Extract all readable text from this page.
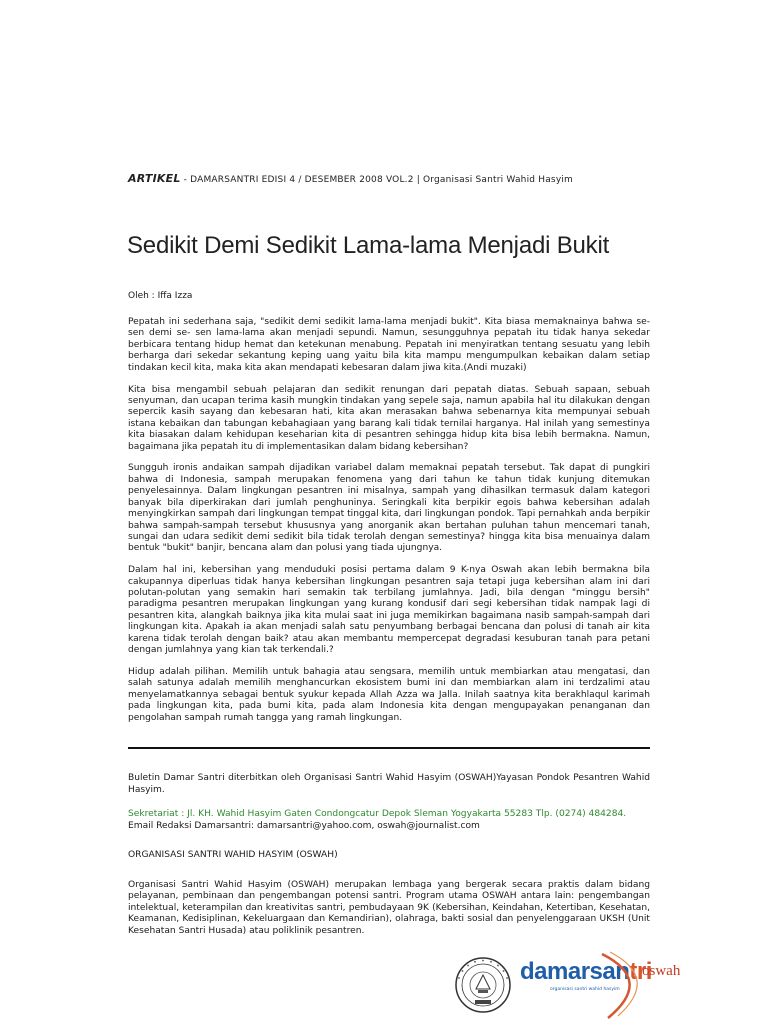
ARTIKEL - DAMARSANTRI EDISI 4 / DESEMBER 2008 VOL.2 | Organisasi Santri Wahid Hasyim
Sedikit Demi Sedikit Lama-lama Menjadi Bukit
Oleh : Iffa Izza

Pepatah ini sederhana saja, "sedikit demi sedikit lama-lama menjadi bukit". Kita biasa memaknainya bahwa se-sen demi se- sen lama-lama akan menjadi sepundi. Namun, sesungguhnya pepatah itu tidak hanya sekedar berbicara tentang hidup hemat dan ketekunan menabung. Pepatah ini menyiratkan tentang sesuatu yang lebih berharga dari sekedar sekantung keping uang yaitu bila kita mampu mengumpulkan kebaikan dalam setiap tindakan kecil kita, maka kita akan mendapati kebesaran dalam jiwa kita.(Andi muzaki)

Kita bisa mengambil sebuah pelajaran dan sedikit renungan dari pepatah diatas. Sebuah sapaan, sebuah senyuman, dan ucapan terima kasih mungkin tindakan yang sepele saja, namun apabila hal itu dilakukan dengan sepercik kasih sayang dan kebesaran hati, kita akan merasakan bahwa sebenarnya kita mempunyai sebuah istana kebaikan dan tabungan kebahagiaan yang barang kali tidak ternilai harganya. Hal inilah yang semestinya kita biasakan dalam kehidupan keseharian kita di pesantren sehingga hidup kita bisa lebih bermakna. Namun, bagaimana jika pepatah itu di implementasikan dalam bidang kebersihan?

Sungguh ironis andaikan sampah dijadikan variabel dalam memaknai pepatah tersebut. Tak dapat di pungkiri bahwa di Indonesia, sampah merupakan fenomena yang dari tahun ke tahun tidak kunjung ditemukan penyelesainnya. Dalam lingkungan pesantren ini misalnya, sampah yang dihasilkan termasuk dalam kategori banyak bila diperkirakan dari jumlah penghuninya. Seringkali kita berpikir egois bahwa kebersihan adalah menyingkirkan sampah dari lingkungan tempat tinggal kita, dari lingkungan pondok. Tapi pernahkah anda berpikir bahwa sampah-sampah tersebut khususnya yang anorganik akan bertahan puluhan tahun mencemari tanah, sungai dan udara sedikit demi sedikit bila tidak terolah dengan semestinya? hingga kita bisa menuainya dalam bentuk "bukit" banjir, bencana alam dan polusi yang tiada ujungnya.

Dalam hal ini, kebersihan yang menduduki posisi pertama dalam 9 K-nya Oswah akan lebih bermakna bila cakupannya diperluas tidak hanya kebersihan lingkungan pesantren saja tetapi juga kebersihan alam ini dari polutan-polutan yang semakin hari semakin tak terbilang jumlahnya. Jadi, bila dengan "minggu bersih" paradigma pesantren merupakan lingkungan yang kurang kondusif dari segi kebersihan tidak nampak lagi di pesantren kita, alangkah baiknya jika kita mulai saat ini juga memikirkan bagaimana nasib sampah-sampah dari lingkungan kita. Apakah ia akan menjadi salah satu penyumbang berbagai bencana dan polusi di tanah air kita karena tidak terolah dengan baik? atau akan membantu mempercepat degradasi kesuburan tanah para petani dengan jumlahnya yang kian tak terkendali.?

Hidup adalah pilihan. Memilih untuk bahagia atau sengsara, memilih untuk membiarkan atau mengatasi, dan salah satunya adalah memilih menghancurkan ekosistem bumi ini dan membiarkan alam ini terdzalimi atau menyelamatkannya sebagai bentuk syukur kepada Allah Azza wa Jalla. Inilah saatnya kita berakhlaqul karimah pada lingkungan kita, pada bumi kita, pada alam Indonesia kita dengan mengupayakan penanganan dan pengolahan sampah rumah tangga yang ramah lingkungan.

Buletin Damar Santri diterbitkan oleh Organisasi Santri Wahid Hasyim (OSWAH)Yayasan Pondok Pesantren Wahid Hasyim.

Sekretariat : Jl. KH. Wahid Hasyim Gaten Condongcatur Depok Sleman Yogyakarta 55283 Tlp. (0274) 484284.

Email Redaksi Damarsantri: damarsantri@yahoo.com, oswah@journalist.com

ORGANISASI SANTRI WAHID HASYIM (OSWAH)

Organisasi Santri Wahid Hasyim (OSWAH) merupakan lembaga yang bergerak secara praktis dalam bidang pelayanan, pembinaan dan pengembangan potensi santri. Program utama OSWAH antara lain: pengembangan intelektual, keterampilan dan kreativitas santri, pembudayaan 9K (Kebersihan, Keindahan, Ketertiban, Kesehatan, Keamanan, Kedisiplinan, Kekeluargaan dan Kemandirian), olahraga, bakti sosial dan penyelenggaraan UKSH (Unit Kesehatan Santri Husada) atau poliklinik pesantren.

damarsantri
organisasi santri wahid hasyim
oswah
